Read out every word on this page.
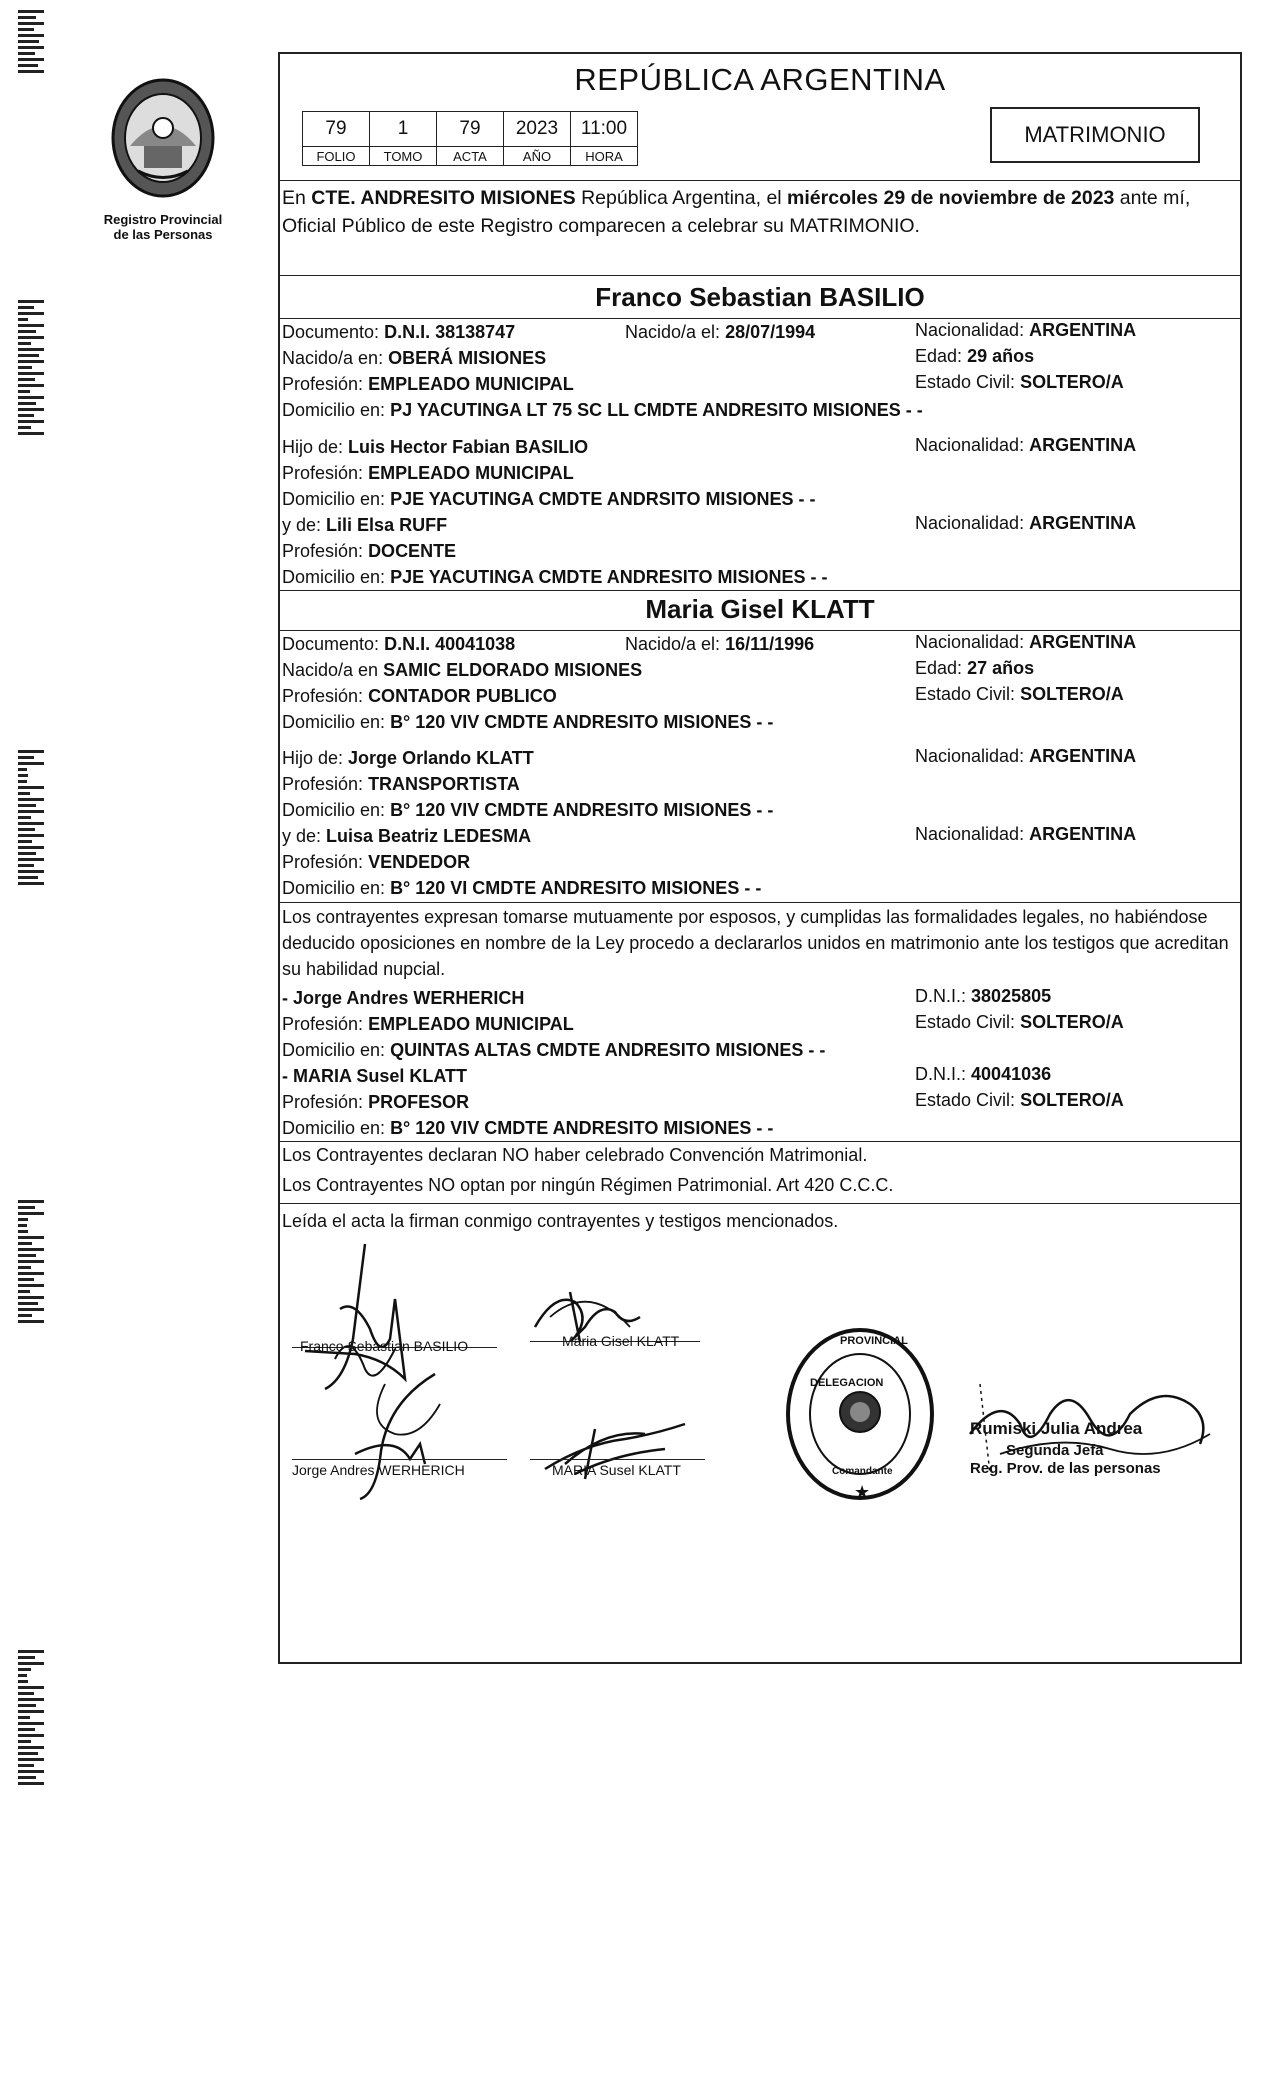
Registro Provincial
de las Personas
REPÚBLICA ARGENTINA
79	1	79	2023	11:00
FOLIO	TOMO	ACTA	AÑO	HORA
MATRIMONIO
En CTE. ANDRESITO MISIONES República Argentina, el miércoles 29 de noviembre de 2023 ante mí, Oficial Público de este Registro comparecen a celebrar su MATRIMONIO.
Franco Sebastian BASILIO
Documento: D.N.I. 38138747	Nacido/a el: 28/07/1994	Nacionalidad: ARGENTINA
Nacido/a en: OBERÁ MISIONES	Edad: 29 años
Profesión: EMPLEADO MUNICIPAL	Estado Civil: SOLTERO/A
Domicilio en: PJ YACUTINGA LT 75 SC LL CMDTE ANDRESITO MISIONES - -
Hijo de: Luis Hector Fabian BASILIO	Nacionalidad: ARGENTINA
Profesión: EMPLEADO MUNICIPAL
Domicilio en: PJE YACUTINGA CMDTE ANDRSITO MISIONES - -
y de: Lili Elsa RUFF	Nacionalidad: ARGENTINA
Profesión: DOCENTE
Domicilio en: PJE YACUTINGA CMDTE ANDRESITO MISIONES - -
Maria Gisel KLATT
Documento: D.N.I. 40041038	Nacido/a el: 16/11/1996	Nacionalidad: ARGENTINA
Nacido/a en SAMIC ELDORADO MISIONES	Edad: 27 años
Profesión: CONTADOR PUBLICO	Estado Civil: SOLTERO/A
Domicilio en: B° 120 VIV CMDTE ANDRESITO MISIONES - -
Hijo de: Jorge Orlando KLATT	Nacionalidad: ARGENTINA
Profesión: TRANSPORTISTA
Domicilio en: B° 120 VIV CMDTE ANDRESITO MISIONES - -
y de: Luisa Beatriz LEDESMA	Nacionalidad: ARGENTINA
Profesión: VENDEDOR
Domicilio en: B° 120 VI CMDTE ANDRESITO MISIONES - -
Los contrayentes expresan tomarse mutuamente por esposos, y cumplidas las formalidades legales, no habiéndose deducido oposiciones en nombre de la Ley procedo a declararlos unidos en matrimonio ante los testigos que acreditan su habilidad nupcial.
- Jorge Andres WERHERICH	D.N.I.: 38025805
Profesión: EMPLEADO MUNICIPAL	Estado Civil: SOLTERO/A
Domicilio en: QUINTAS ALTAS CMDTE ANDRESITO MISIONES - -
- MARIA Susel KLATT	D.N.I.: 40041036
Profesión: PROFESOR	Estado Civil: SOLTERO/A
Domicilio en: B° 120 VIV CMDTE ANDRESITO MISIONES - -
Los Contrayentes declaran NO haber celebrado Convención Matrimonial.
Los Contrayentes NO optan por ningún Régimen Patrimonial. Art 420 C.C.C.
Leída el acta la firman conmigo contrayentes y testigos mencionados.
Franco Sebastian BASILIO	Maria Gisel KLATT
Jorge Andres WERHERICH	MARIA Susel KLATT
DELEGACION
PROVINCIAL
Comandante
★
Rumiski Julia Andrea
Segunda Jefa
Reg. Prov. de las personas
